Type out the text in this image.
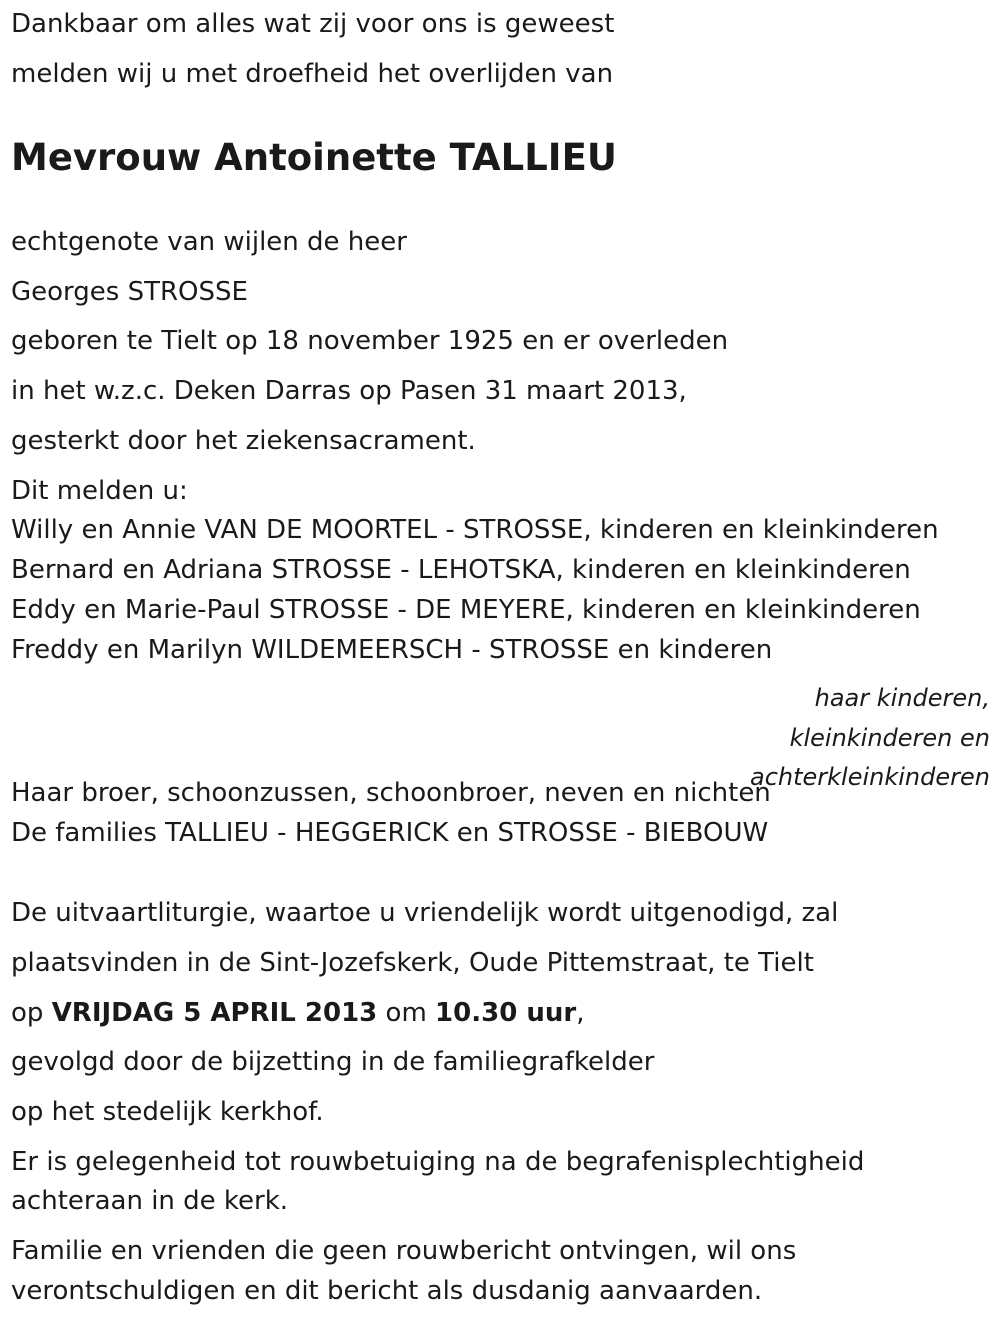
Dankbaar om alles wat zij voor ons is geweest

melden wij u met droefheid het overlijden van

Mevrouw Antoinette TALLIEU

echtgenote van wijlen de heer

Georges STROSSE

geboren te Tielt op 18 november 1925 en er overleden

in het w.z.c. Deken Darras op Pasen 31 maart 2013,

gesterkt door het ziekensacrament.

Dit melden u:

Willy en Annie VAN DE MOORTEL - STROSSE, kinderen en kleinkinderen

Bernard en Adriana STROSSE - LEHOTSKA, kinderen en kleinkinderen

Eddy en Marie-Paul STROSSE - DE MEYERE, kinderen en kleinkinderen

Freddy en Marilyn WILDEMEERSCH - STROSSE en kinderen

haar kinderen,

kleinkinderen en

achterkleinkinderen

Haar broer, schoonzussen, schoonbroer, neven en nichten

De families TALLIEU - HEGGERICK en STROSSE - BIEBOUW

De uitvaartliturgie, waartoe u vriendelijk wordt uitgenodigd, zal

plaatsvinden in de Sint-Jozefskerk, Oude Pittemstraat, te Tielt

op VRIJDAG 5 APRIL 2013 om 10.30 uur,

gevolgd door de bijzetting in de familiegrafkelder

op het stedelijk kerkhof.

Er is gelegenheid tot rouwbetuiging na de begrafenisplechtigheid

achteraan in de kerk.

Familie en vrienden die geen rouwbericht ontvingen, wil ons

verontschuldigen en dit bericht als dusdanig aanvaarden.
